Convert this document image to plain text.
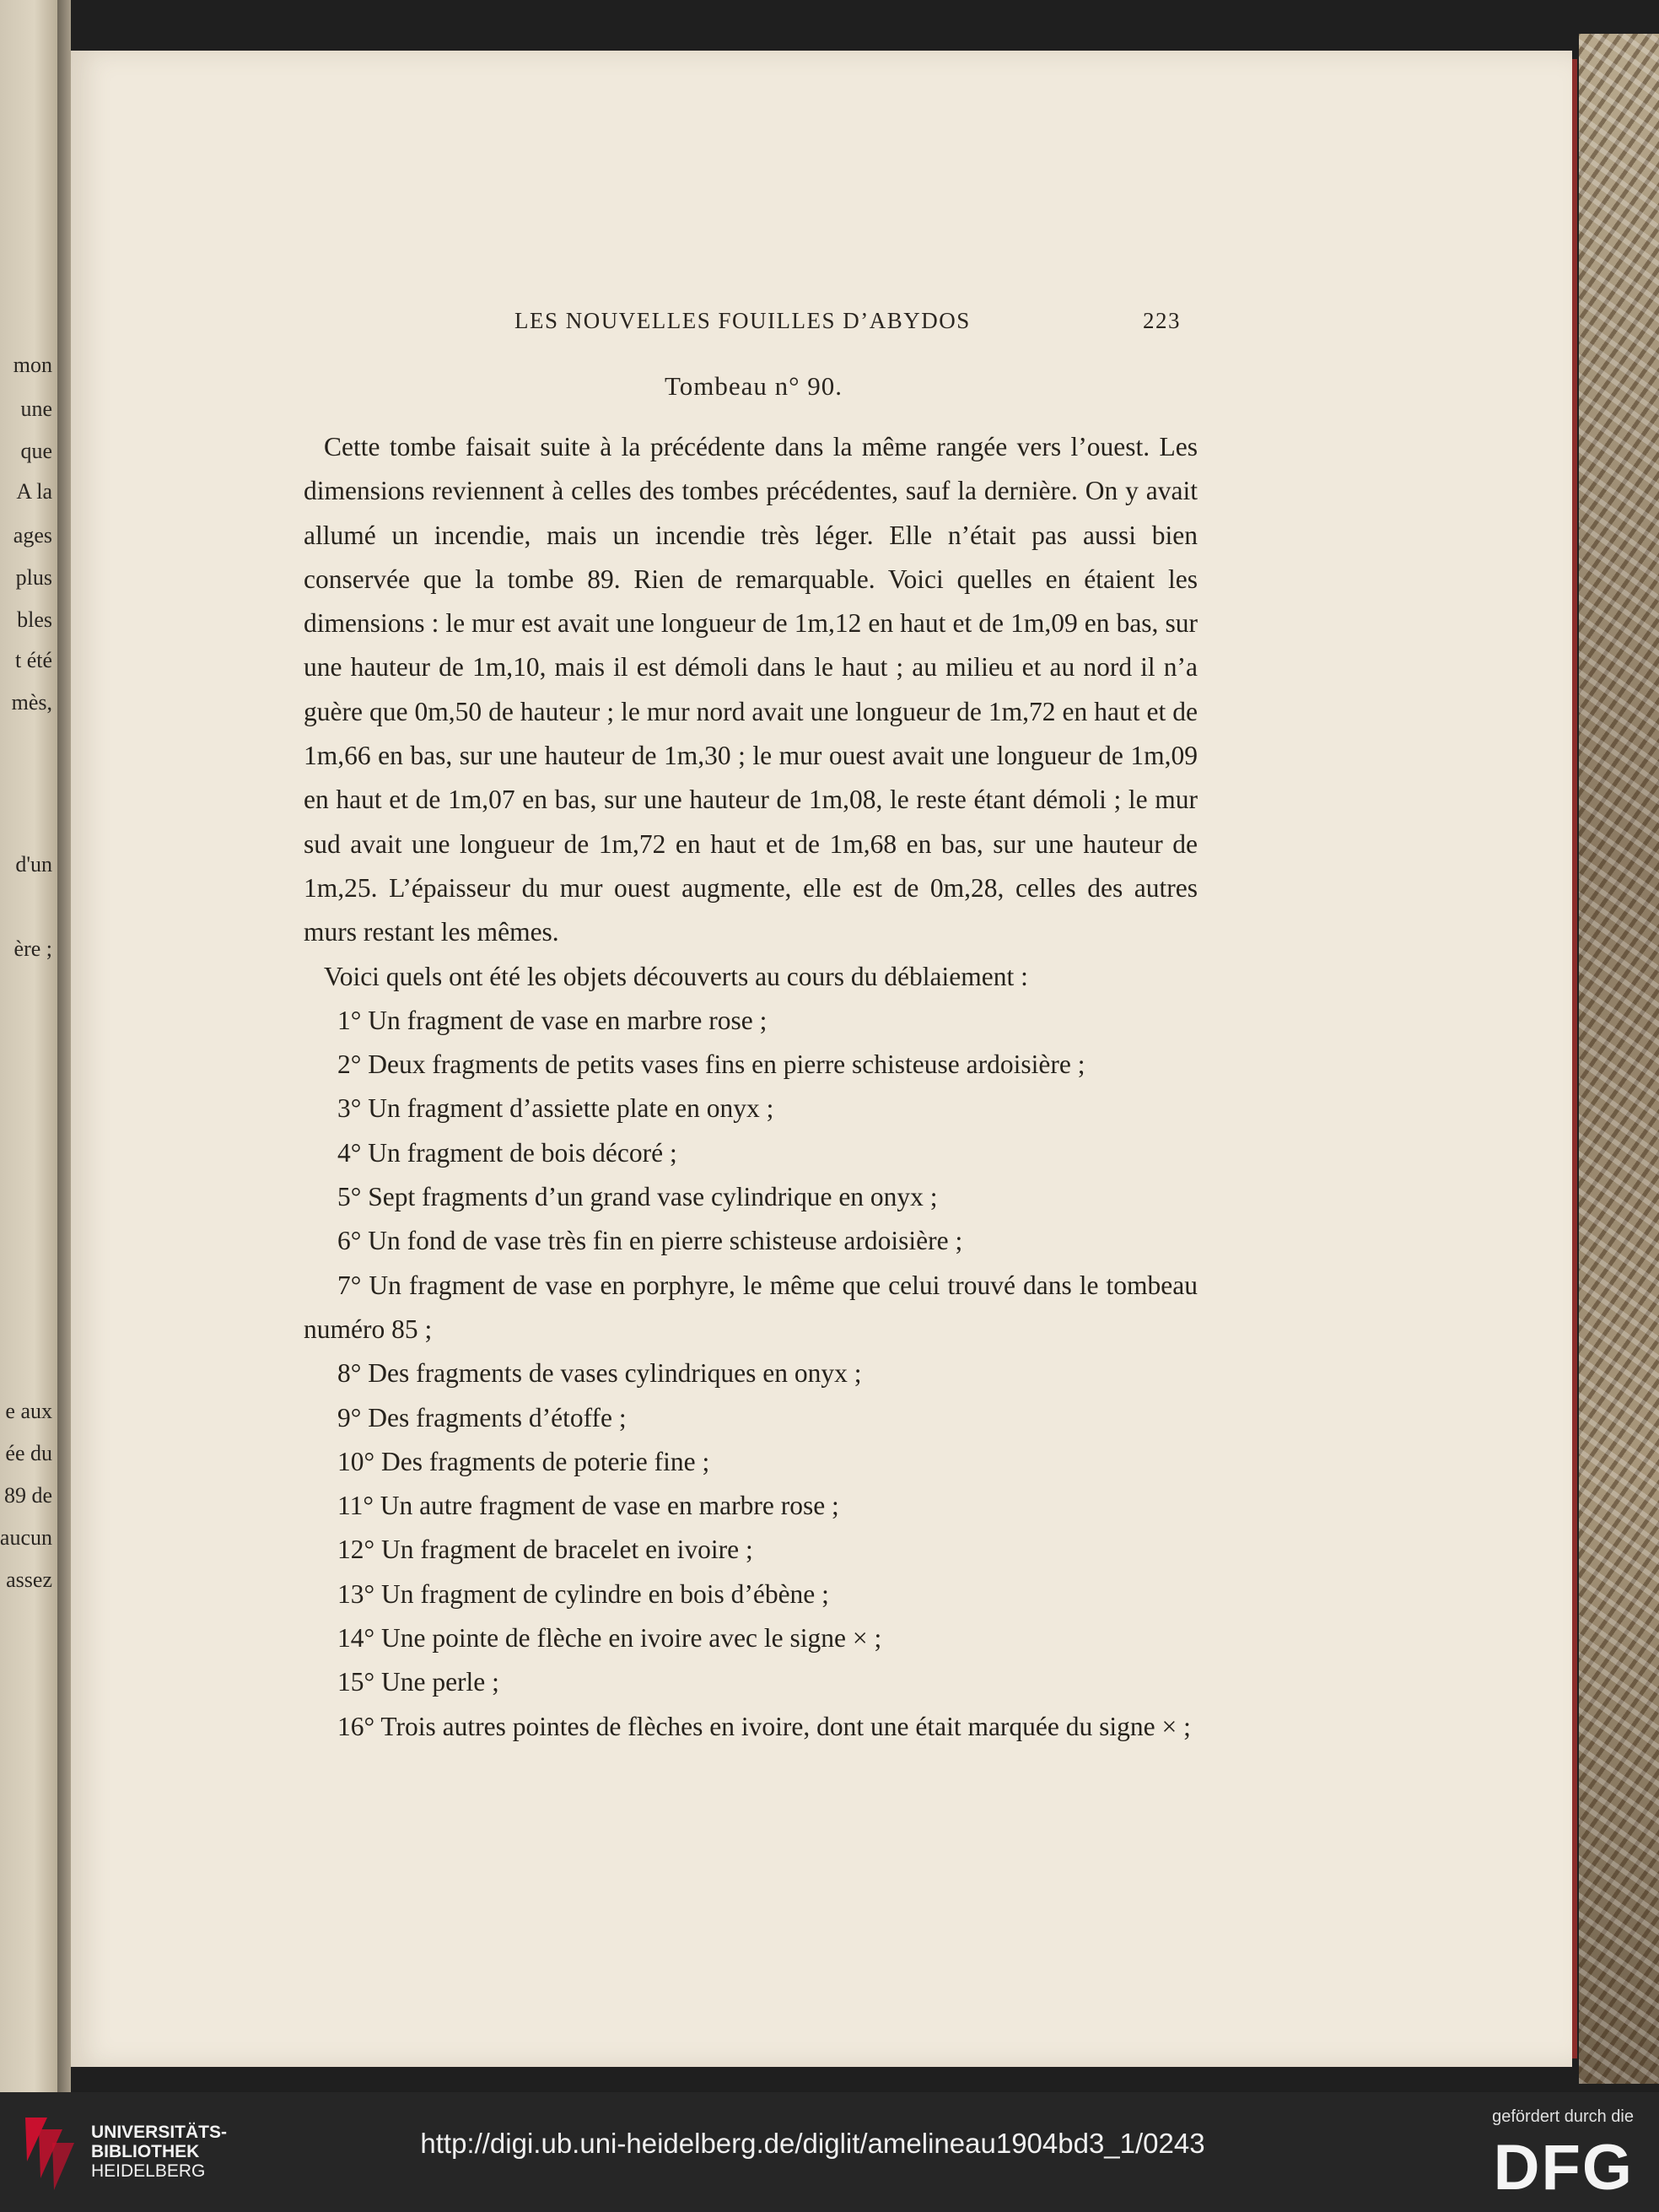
mon
une
que
A la
ages
plus
bles
t été
mès,
d'un
ère ;
e aux
ée du
89 de
aucun
assez
LES NOUVELLES FOUILLES D’ABYDOS	223
Tombeau n° 90.

Cette tombe faisait suite à la précédente dans la même rangée vers l’ouest. Les dimensions reviennent à celles des tombes précédentes, sauf la dernière. On y avait allumé un incendie, mais un incendie très léger. Elle n’était pas aussi bien conservée que la tombe 89. Rien de remarquable. Voici quelles en étaient les dimensions : le mur est avait une longueur de 1m,12 en haut et de 1m,09 en bas, sur une hauteur de 1m,10, mais il est démoli dans le haut ; au milieu et au nord il n’a guère que 0m,50 de hauteur ; le mur nord avait une longueur de 1m,72 en haut et de 1m,66 en bas, sur une hauteur de 1m,30 ; le mur ouest avait une longueur de 1m,09 en haut et de 1m,07 en bas, sur une hauteur de 1m,08, le reste étant démoli ; le mur sud avait une longueur de 1m,72 en haut et de 1m,68 en bas, sur une hauteur de 1m,25. L’épaisseur du mur ouest augmente, elle est de 0m,28, celles des autres murs restant les mêmes.

Voici quels ont été les objets découverts au cours du déblaiement :

1° Un fragment de vase en marbre rose ;

2° Deux fragments de petits vases fins en pierre schisteuse ardoisière ;

3° Un fragment d’assiette plate en onyx ;

4° Un fragment de bois décoré ;

5° Sept fragments d’un grand vase cylindrique en onyx ;

6° Un fond de vase très fin en pierre schisteuse ardoisière ;

7° Un fragment de vase en porphyre, le même que celui trouvé dans le tombeau numéro 85 ;

8° Des fragments de vases cylindriques en onyx ;

9° Des fragments d’étoffe ;

10° Des fragments de poterie fine ;

11° Un autre fragment de vase en marbre rose ;

12° Un fragment de bracelet en ivoire ;

13° Un fragment de cylindre en bois d’ébène ;

14° Une pointe de flèche en ivoire avec le signe × ;

15° Une perle ;

16° Trois autres pointes de flèches en ivoire, dont une était marquée du signe × ;

UNIVERSITÄTS-
BIBLIOTHEK
HEIDELBERG
http://digi.ub.uni-heidelberg.de/diglit/amelineau1904bd3_1/0243
gefördert durch die
DFG
